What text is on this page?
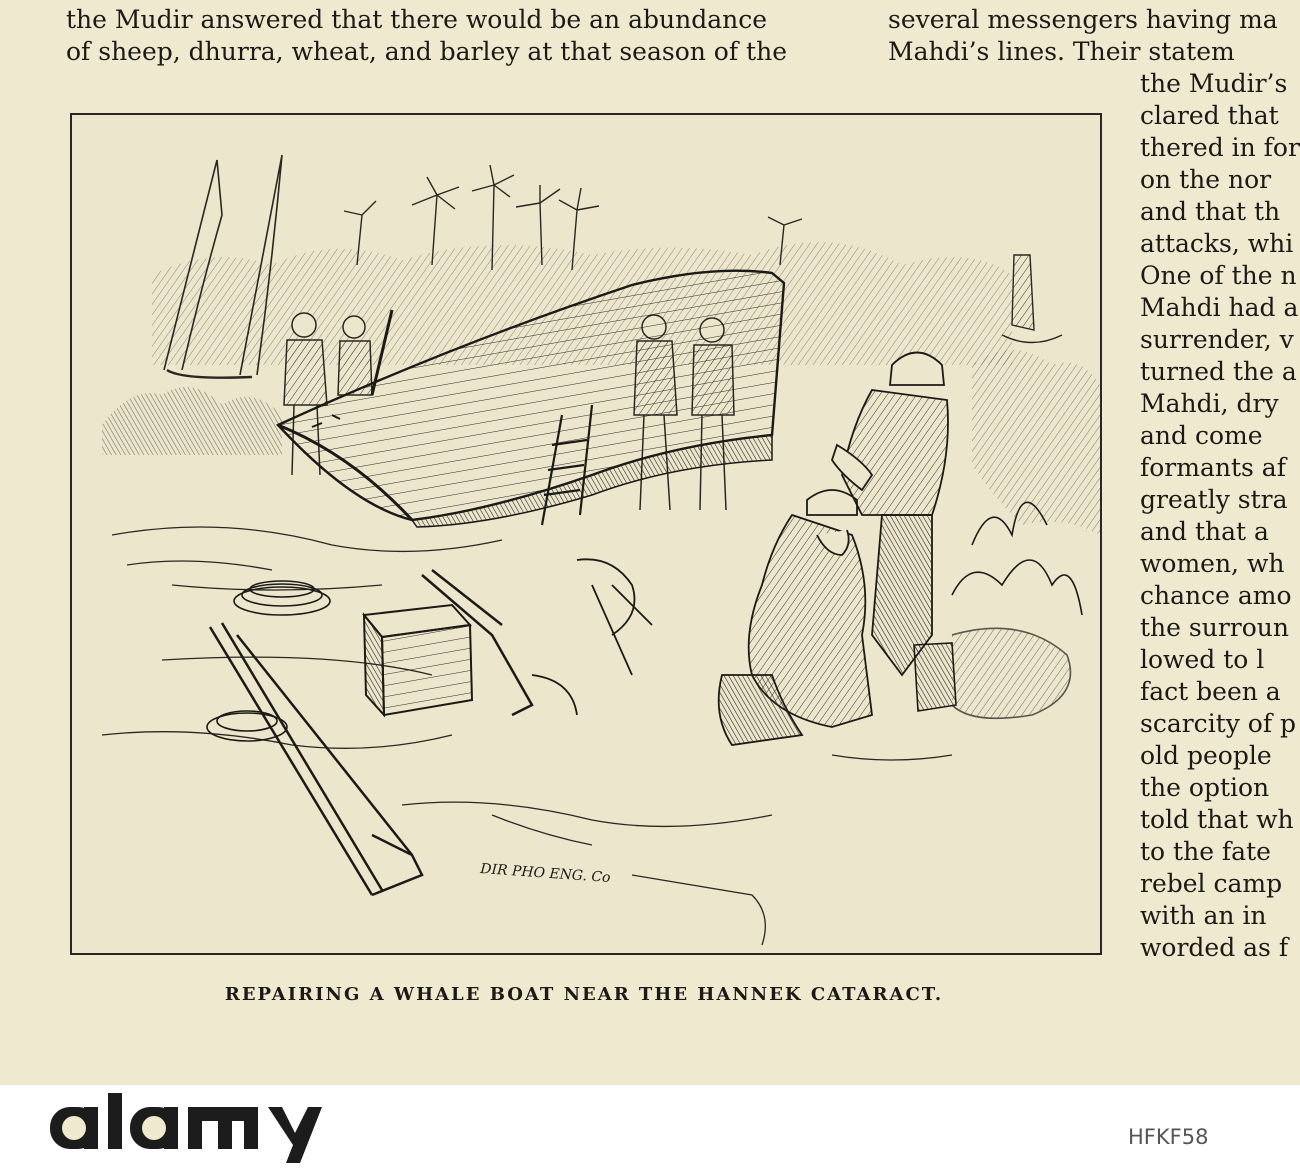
the Mudir answered that there would be an abundance
of sheep, dhurra, wheat, and barley at that season of the
several messengers having ma
Mahdi’s lines. Their statem
the Mudir’s
clared that
thered in for
on the nor
and that th
attacks, whi
One of the n
Mahdi had a
surrender, v
turned the a
Mahdi, dry
and come
formants af
greatly stra
and that a
women, wh
chance amo
the surroun
lowed to l
fact been a
scarcity of p
old people
the option
told that wh
to the fate
rebel camp
with an in
worded as f
DIR PHO ENG. Co
REPAIRING A WHALE BOAT NEAR THE HANNEK CATARACT.
HFKF58
